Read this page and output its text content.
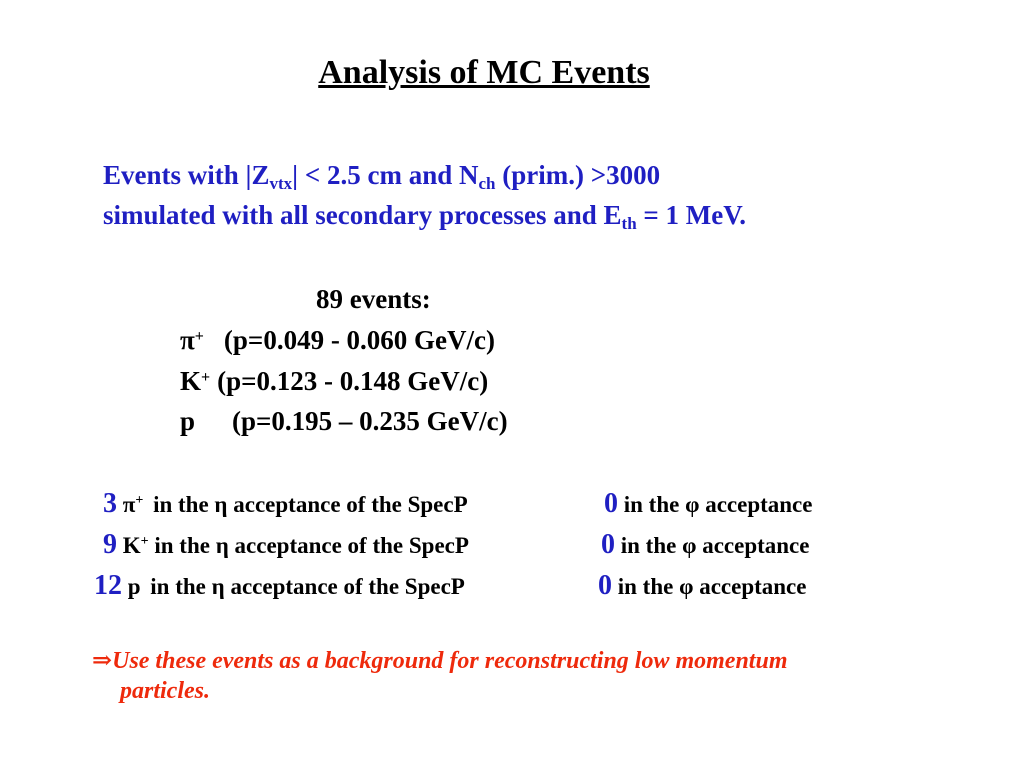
Analysis of MC Events
Events with $|Z_{vtx}| < 2.5$ cm and $N_{ch}$ (prim.) >3000
simulated with all secondary processes and $E_{th} = 1$ MeV.
89 events:
π+ (p=0.049 - 0.060 GeV/c)
K+ (p=0.123 - 0.148 GeV/c)
p (p=0.195 – 0.235 GeV/c)
3 π+ in the η acceptance of the SpecP	0 in the φ acceptance
9 K+ in the η acceptance of the SpecP	0 in the φ acceptance
12 p in the η acceptance of the SpecP	0 in the φ acceptance
⇒Use these events as a background for reconstructing low momentum
particles.
